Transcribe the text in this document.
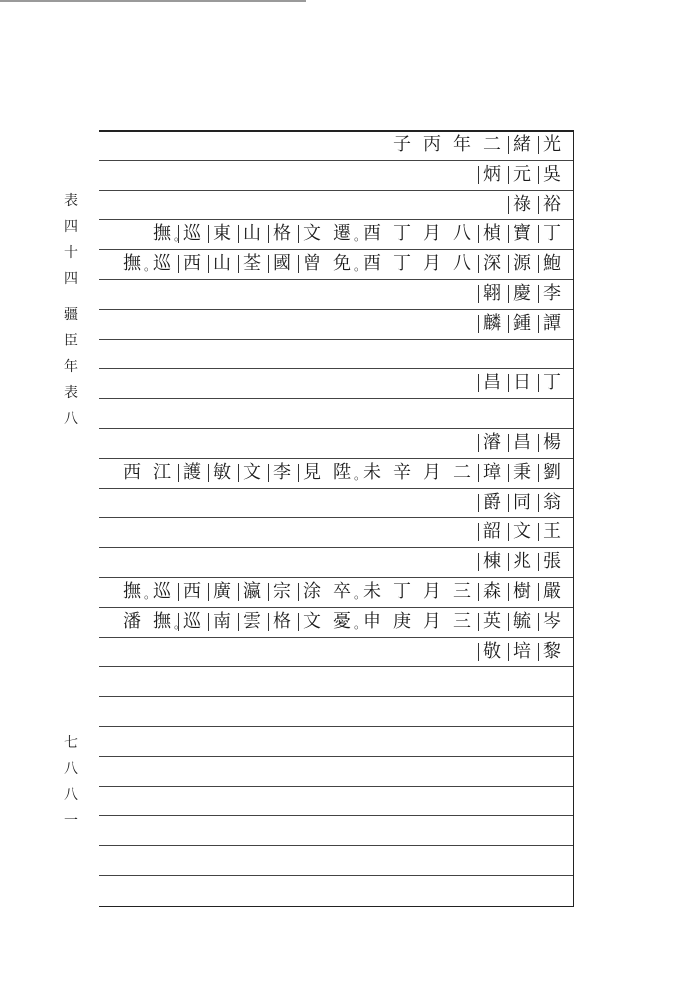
表
四
十
四
疆
臣
年
表
八
七
八
八
一
光
緒
二
年
丙
子
吳
元
炳
裕
祿
丁
寶
楨
八
月
丁
酉
遷 。
文
格
山
東
巡
撫 。
鮑
源
深
八
月
丁
酉
免 。
曾
國
荃
山
西
巡
撫 。
李
慶
翶
譚
鍾
麟
丁
日
昌
楊
昌
濬
劉
秉
璋
二
月
辛
未
陞 。
見
李
文
敏
護
江
西
翁
同
爵
王
文
韶
張
兆
棟
嚴
樹
森
三
月
丁
未
卒 。
涂
宗
瀛
廣
西
巡
撫 。
岑
毓
英
三
月
庚
申
憂 。
文
格
雲
南
巡
撫 。
潘
黎
培
敬
